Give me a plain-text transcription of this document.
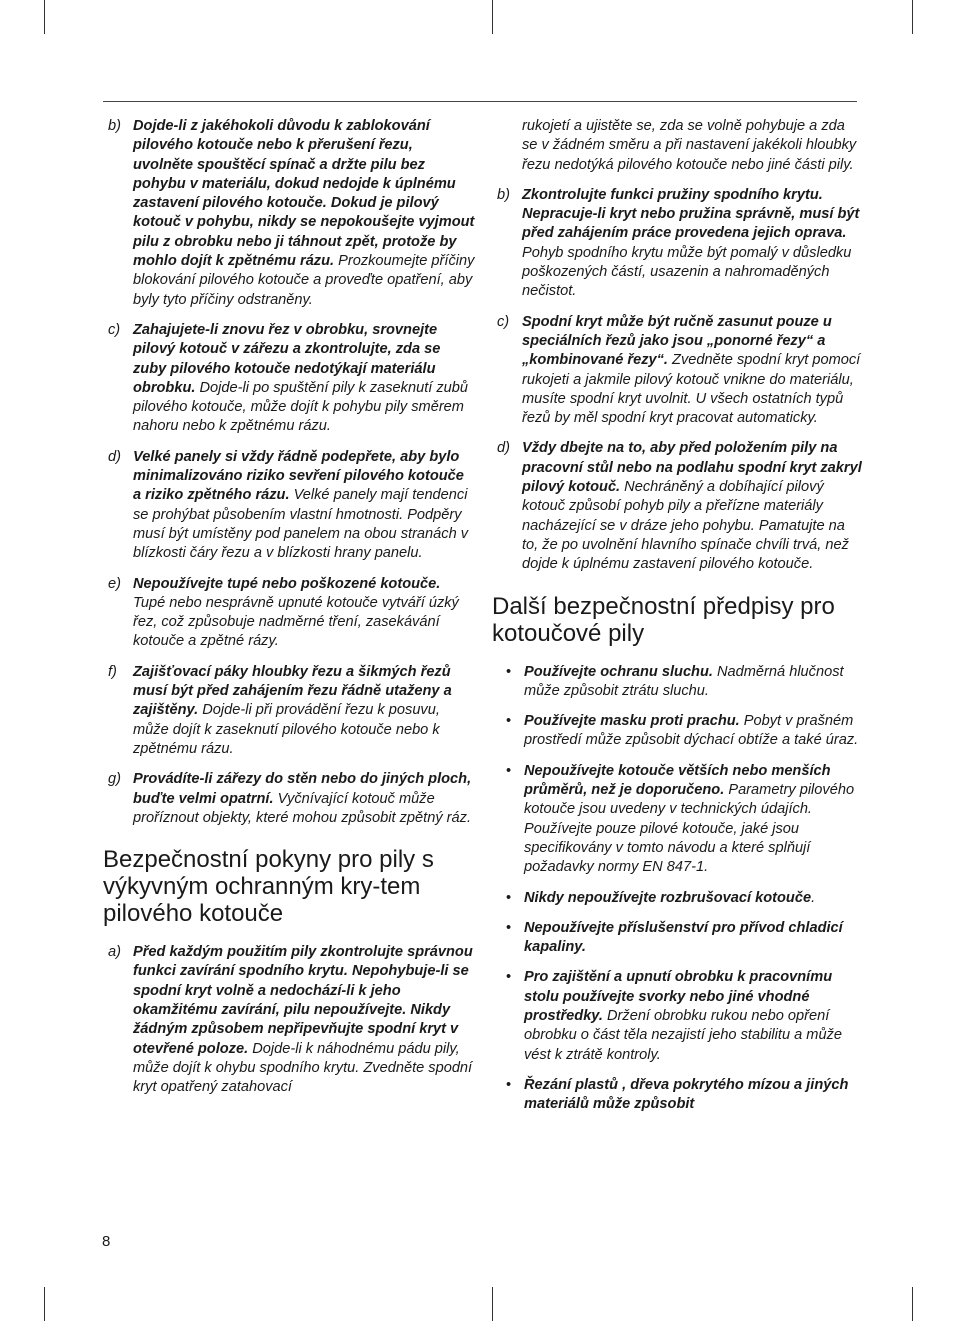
b) Dojde-li z jakéhokoli důvodu k zablokování pilového kotouče nebo k přerušení řezu, uvolněte spouštěcí spínač a držte pilu bez pohybu v materiálu, dokud nedojde k úplnému zastavení pilového kotouče. Dokud je pilový kotouč v pohybu, nikdy se nepokoušejte vyjmout pilu z obrobku nebo ji táhnout zpět, protože by mohlo dojít k zpětnému rázu. Prozkoumejte příčiny blokování pilového kotouče a proveďte opatření, aby byly tyto příčiny odstraněny.
c) Zahajujete-li znovu řez v obrobku, srovnejte pilový kotouč v zářezu a zkontrolujte, zda se zuby pilového kotouče nedotýkají materiálu obrobku. Dojde-li po spuštění pily k zaseknutí zubů pilového kotouče, může dojít k pohybu pily směrem nahoru nebo k zpětnému rázu.
d) Velké panely si vždy řádně podepřete, aby bylo minimalizováno riziko sevření pilového kotouče a riziko zpětného rázu. Velké panely mají tendenci se prohýbat působením vlastní hmotnosti. Podpěry musí být umístěny pod panelem na obou stranách v blízkosti čáry řezu a v blízkosti hrany panelu.
e) Nepoužívejte tupé nebo poškozené kotouče. Tupé nebo nesprávně upnuté kotouče vytváří úzký řez, což způsobuje nadměrné tření, zasekávání kotouče a zpětné rázy.
f) Zajišťovací páky hloubky řezu a šikmých řezů musí být před zahájením řezu řádně utaženy a zajištěny. Dojde-li při provádění řezu k posuvu, může dojít k zaseknutí pilového kotouče nebo k zpětnému rázu.
g) Provádíte-li zářezy do stěn nebo do jiných ploch, buďte velmi opatrní. Vyčnívající kotouč může proříznout objekty, které mohou způsobit zpětný ráz.
Bezpečnostní pokyny pro pily s výkyvným ochranným kry-tem pilového kotouče
a) Před každým použitím pily zkontrolujte správnou funkci zavírání spodního krytu. Nepohybuje-li se spodní kryt volně a nedochází-li k jeho okamžitému zavírání, pilu nepoužívejte. Nikdy žádným způsobem nepřipevňujte spodní kryt v otevřené poloze. Dojde-li k náhodnému pádu pily, může dojít k ohybu spodního krytu. Zvedněte spodní kryt opatřený zatahovací
rukojetí a ujistěte se, zda se volně pohybuje a zda se v žádném směru a při nastavení jakékoli hloubky řezu nedotýká pilového kotouče nebo jiné části pily.
b) Zkontrolujte funkci pružiny spodního krytu. Nepracuje-li kryt nebo pružina správně, musí být před zahájením práce provedena jejich oprava. Pohyb spodního krytu může být pomalý v důsledku poškozených částí, usazenin a nahromaděných nečistot.
c) Spodní kryt může být ručně zasunut pouze u speciálních řezů jako jsou „ponorné řezy“ a „kombinované řezy“. Zvedněte spodní kryt pomocí rukojeti a jakmile pilový kotouč vnikne do materiálu, musíte spodní kryt uvolnit. U všech ostatních typů řezů by měl spodní kryt pracovat automaticky.
d) Vždy dbejte na to, aby před položením pily na pracovní stůl nebo na podlahu spodní kryt zakryl pilový kotouč. Nechráněný a dobíhající pilový kotouč způsobí pohyb pily a přeřízne materiály nacházející se v dráze jeho pohybu. Pamatujte na to, že po uvolnění hlavního spínače chvíli trvá, než dojde k úplnému zastavení pilového kotouče.
Další bezpečnostní předpisy pro kotoučové pily
• Používejte ochranu sluchu. Nadměrná hlučnost může způsobit ztrátu sluchu.
• Používejte masku proti prachu. Pobyt v prašném prostředí může způsobit dýchací obtíže a také úraz.
• Nepoužívejte kotouče větších nebo menších průměrů, než je doporučeno. Parametry pilového kotouče jsou uvedeny v technických údajích. Používejte pouze pilové kotouče, jaké jsou specifikovány v tomto návodu a které splňují požadavky normy EN 847-1.
• Nikdy nepoužívejte rozbrušovací kotouče.
• Nepoužívejte příslušenství pro přívod chladicí kapaliny.
• Pro zajištění a upnutí obrobku k pracovnímu stolu používejte svorky nebo jiné vhodné prostředky. Držení obrobku rukou nebo opření obrobku o část těla nezajistí jeho stabilitu a může vést k ztrátě kontroly.
• Řezání plastů , dřeva pokrytého mízou a jiných materiálů může způsobit
8
